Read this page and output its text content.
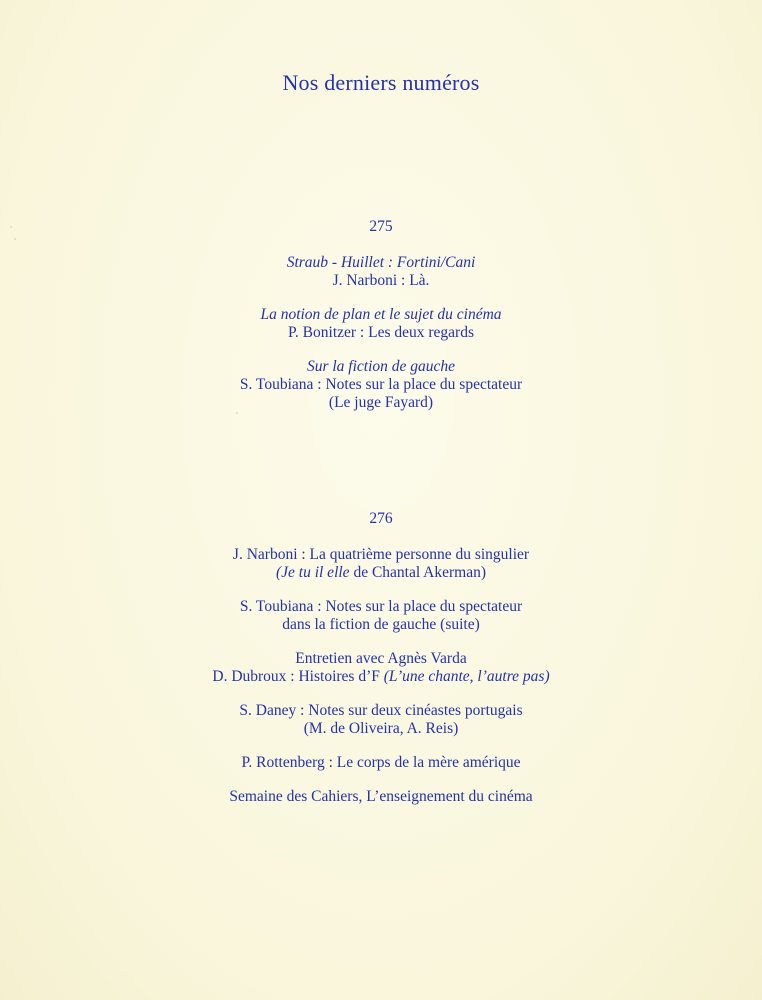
Nos derniers numéros
275
Straub - Huillet : Fortini/Cani
J. Narboni : Là.
La notion de plan et le sujet du cinéma
P. Bonitzer : Les deux regards
Sur la fiction de gauche
S. Toubiana : Notes sur la place du spectateur
(Le juge Fayard)
276
J. Narboni : La quatrième personne du singulier
(Je tu il elle de Chantal Akerman)
S. Toubiana : Notes sur la place du spectateur
dans la fiction de gauche (suite)
Entretien avec Agnès Varda
D. Dubroux : Histoires d’F (L’une chante, l’autre pas)
S. Daney : Notes sur deux cinéastes portugais
(M. de Oliveira, A. Reis)
P. Rottenberg : Le corps de la mère amérique
Semaine des Cahiers, L’enseignement du cinéma
